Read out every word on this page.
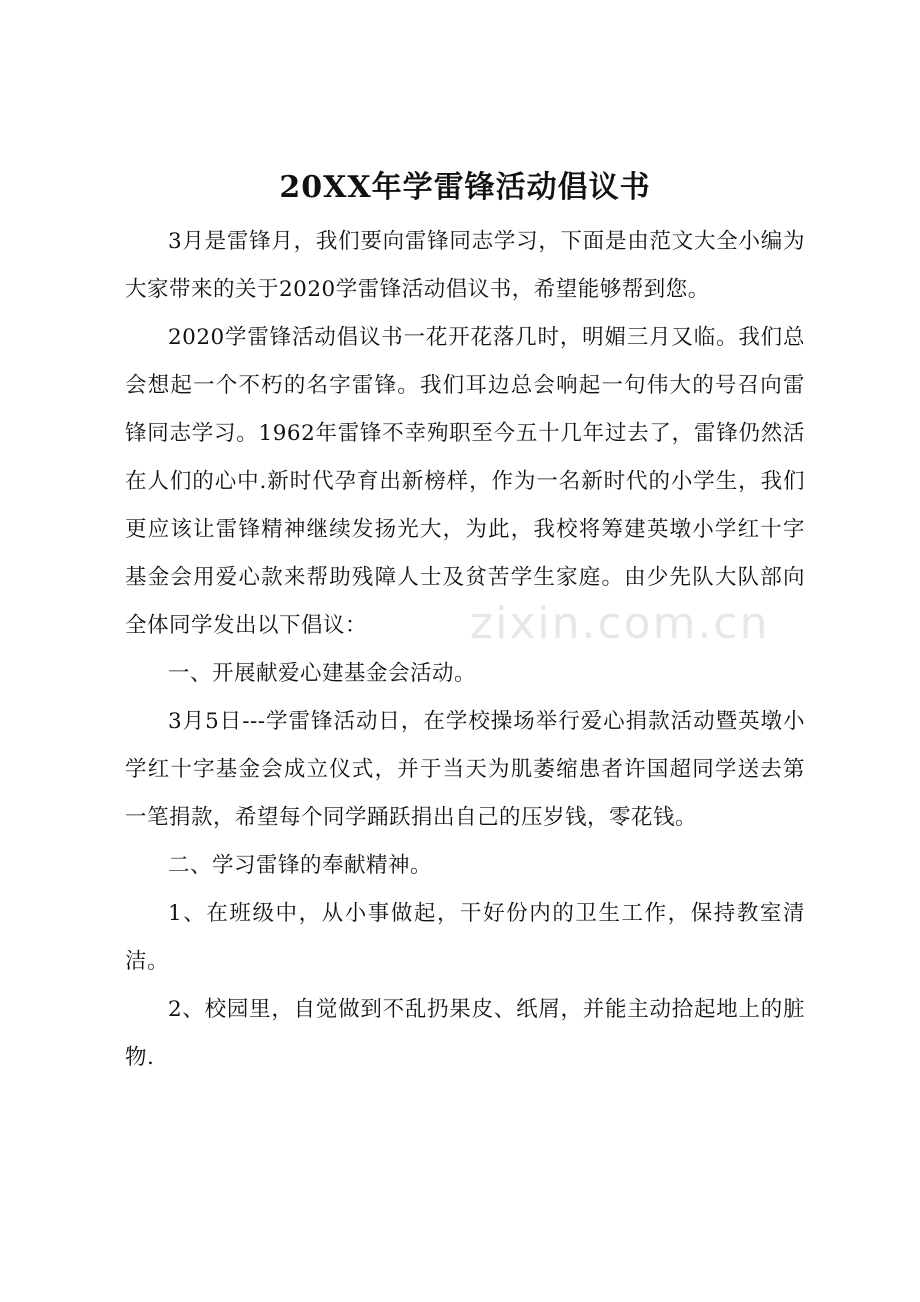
20XX年学雷锋活动倡议书

3月是雷锋月，我们要向雷锋同志学习，下面是由范文大全小编为大家带来的关于2020学雷锋活动倡议书，希望能够帮到您。

2020学雷锋活动倡议书一花开花落几时，明媚三月又临。我们总会想起一个不朽的名字雷锋。我们耳边总会响起一句伟大的号召向雷锋同志学习。1962年雷锋不幸殉职至今五十几年过去了，雷锋仍然活在人们的心中.新时代孕育出新榜样，作为一名新时代的小学生，我们更应该让雷锋精神继续发扬光大，为此，我校将筹建英墩小学红十字基金会用爱心款来帮助残障人士及贫苦学生家庭。由少先队大队部向全体同学发出以下倡议：

一、开展献爱心建基金会活动。

3月5日---学雷锋活动日，在学校操场举行爱心捐款活动暨英墩小学红十字基金会成立仪式，并于当天为肌萎缩患者许国超同学送去第一笔捐款，希望每个同学踊跃捐出自己的压岁钱，零花钱。

二、学习雷锋的奉献精神。

1、在班级中，从小事做起，干好份内的卫生工作，保持教室清洁。

2、校园里，自觉做到不乱扔果皮、纸屑，并能主动拾起地上的脏物.

zixin.com.cn
